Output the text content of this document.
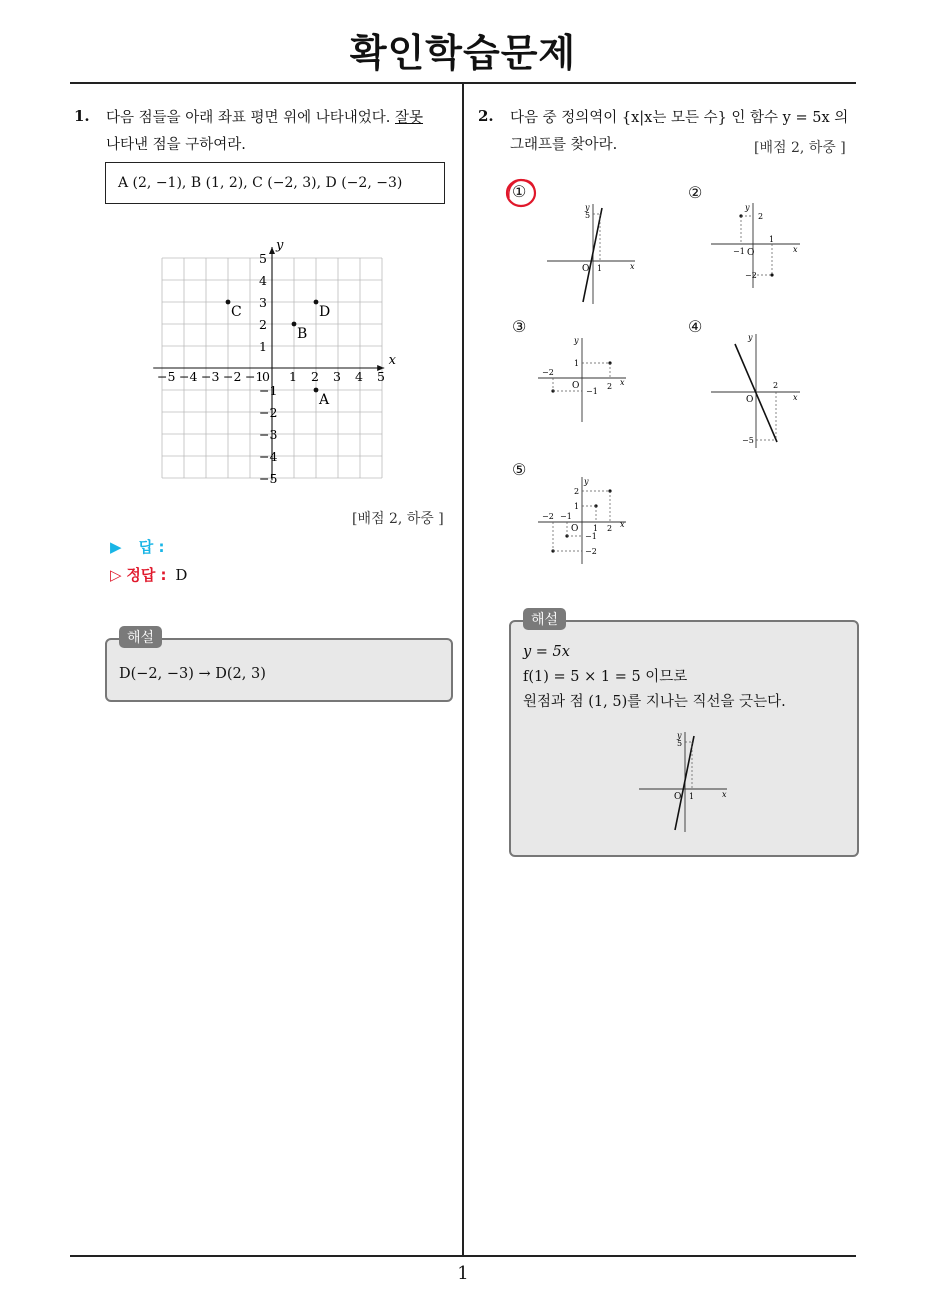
확인학습문제
1
1. 다음 점들을 아래 좌표 평면 위에 나타내었다. 잘못
나타낸 점을 구하여라.
A (2, −1), B (1, 2), C (−2, 3), D (−2, −3)
x
y
−5 −4 −3 −2 −1 1 2 3 4 5
5
4
3
2
1
−1
−2
−3
−4
−5
0
A
B
C	D
[배점 2, 하중 ]
▶ 답 :
▷ 정답 : D
D(−2, −3) → D(2, 3)
해설
2. 다음 중 정의역이 {x|x는 모든 수} 인 함수 y = 5x 의
그래프를 찾아라.	[배점 2, 하중 ]
①	②
③	④
⑤
y
5
O 1	x
y
2
−1 O
1
x
−2
y
1
−2
O	2 x
−1
y
O
2
x
−5
y
2
1
−2 −1
O 1 2 x
−1
−2
y = 5x
f(1) = 5 × 1 = 5 이므로
원점과 점 (1, 5)를 지나는 직선을 긋는다.
y
5
O 1	x
해설
